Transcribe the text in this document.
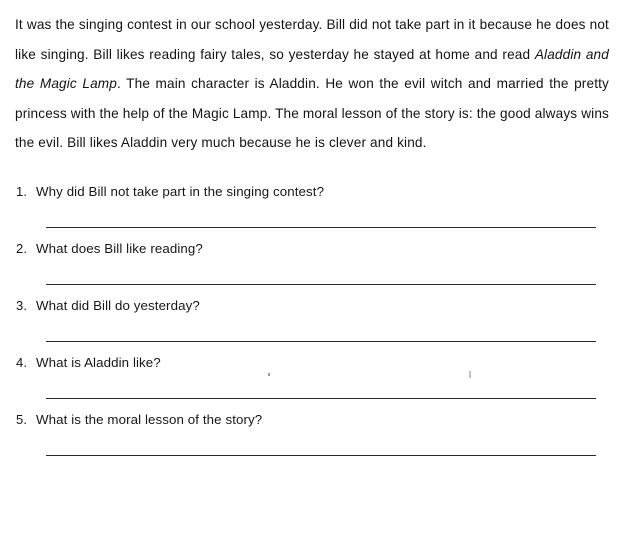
It was the singing contest in our school yesterday. Bill did not take part in it because he does not like singing. Bill likes reading fairy tales, so yesterday he stayed at home and read Aladdin and the Magic Lamp. The main character is Aladdin. He won the evil witch and married the pretty princess with the help of the Magic Lamp. The moral lesson of the story is: the good always wins the evil. Bill likes Aladdin very much because he is clever and kind.

1. Why did Bill not take part in the singing contest?
2. What does Bill like reading?
3. What did Bill do yesterday?
4. What is Aladdin like?
5. What is the moral lesson of the story?
